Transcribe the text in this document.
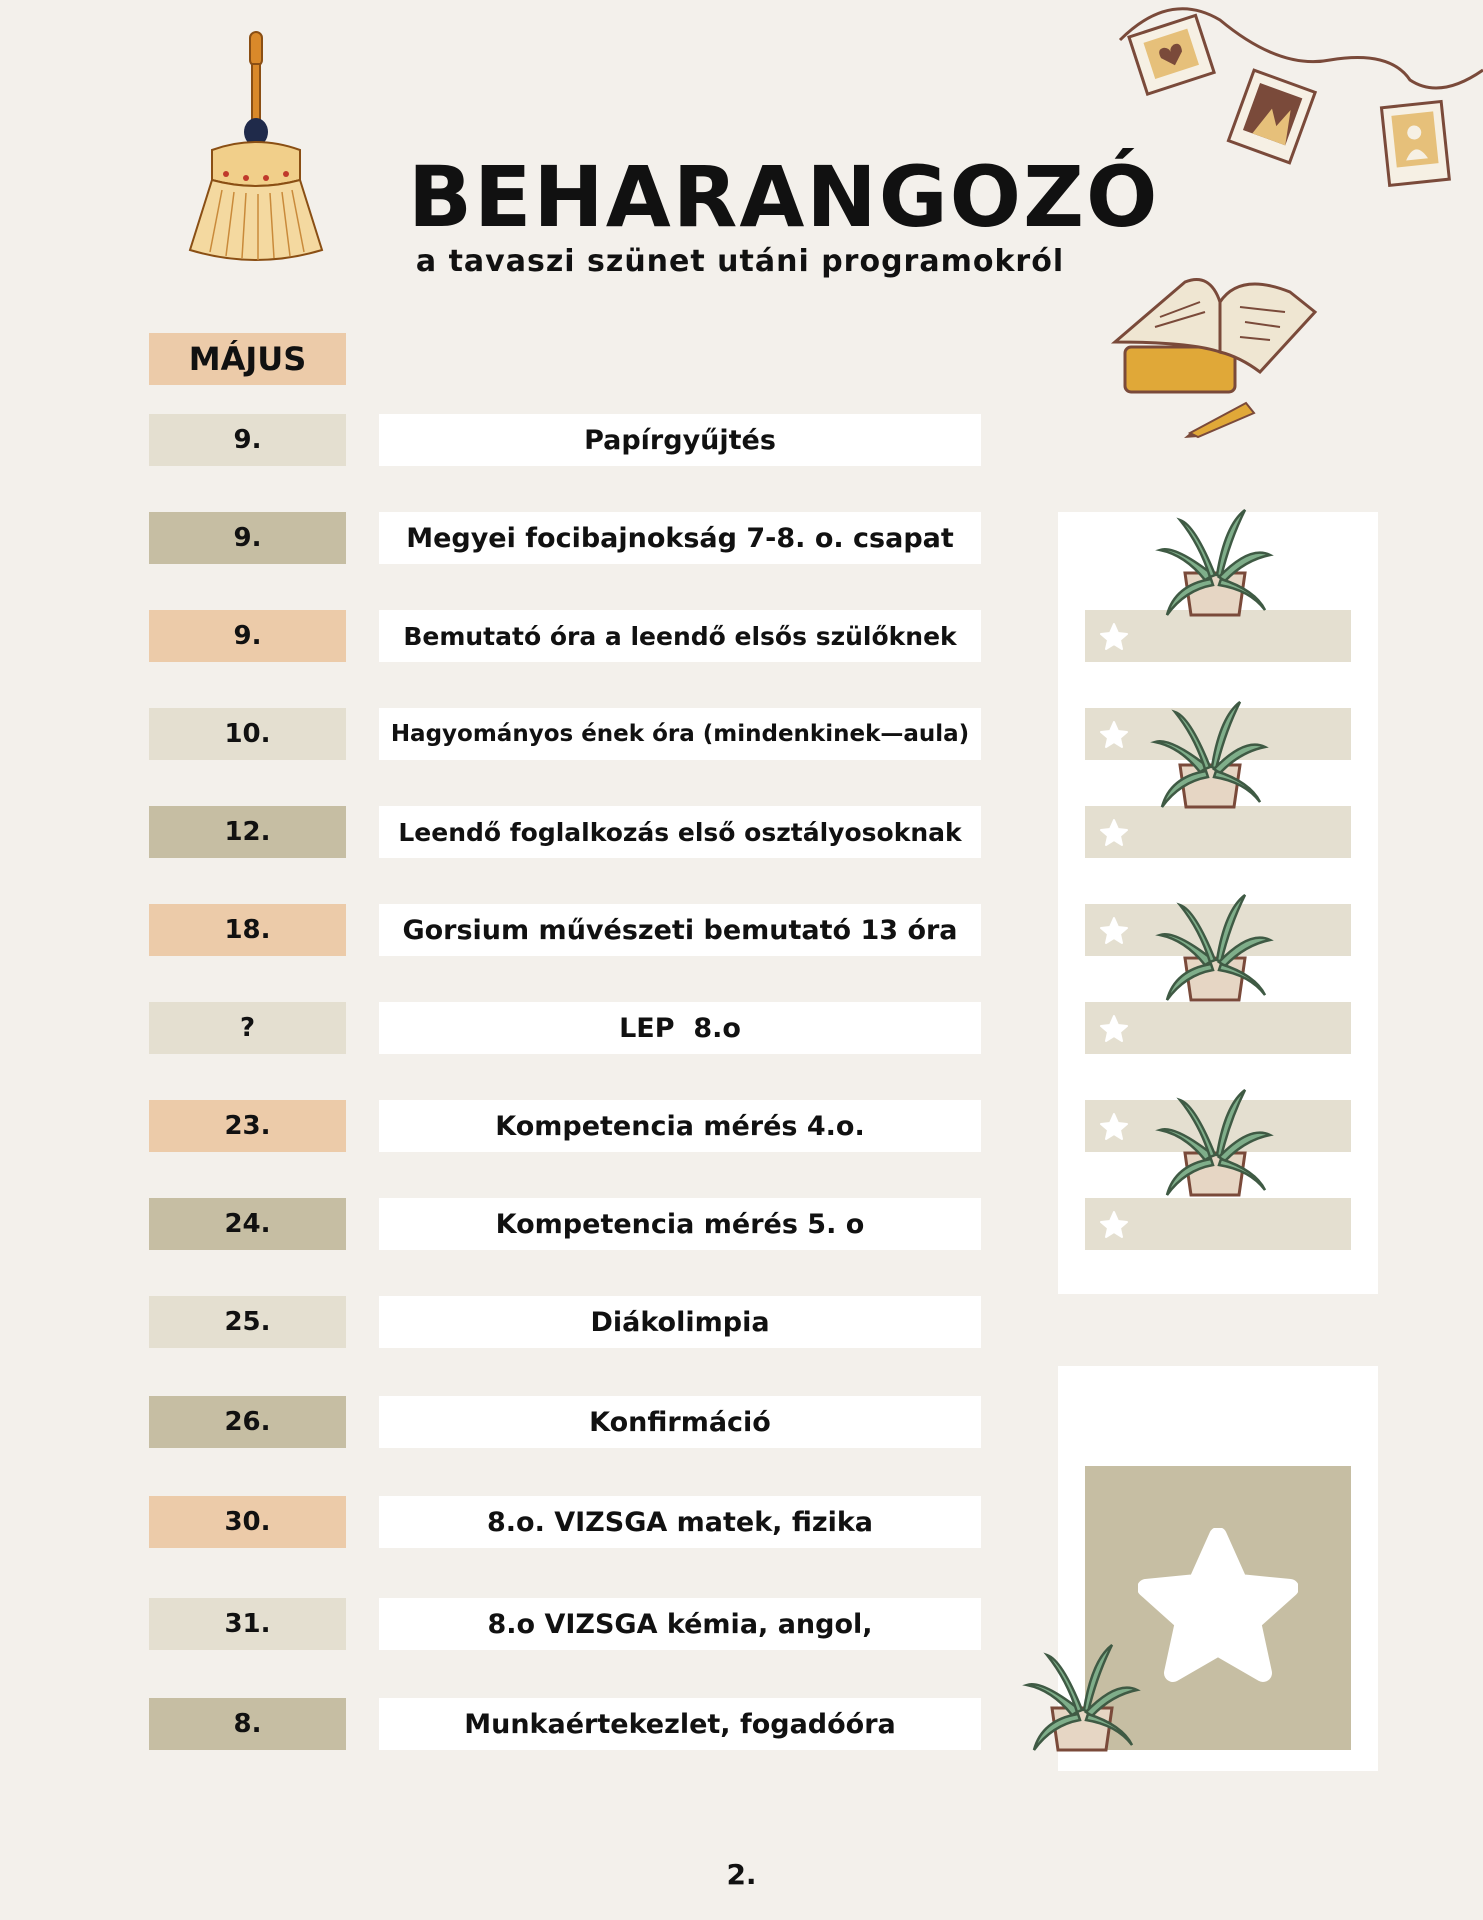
BEHARANGOZÓ
a tavaszi szünet utáni programokról
MÁJUS
9.	Papírgyűjtés
9.	Megyei focibajnokság 7-8. o. csapat
9.	Bemutató óra a leendő elsős szülőknek
10.	Hagyományos ének óra (mindenkinek—aula)
12.	Leendő foglalkozás első osztályosoknak
18.	Gorsium művészeti bemutató 13 óra
?	LEP  8.o
23.	Kompetencia mérés 4.o.
24.	Kompetencia mérés 5. o
25.	Diákolimpia
26.	Konfirmáció
30.	8.o. VIZSGA matek, fizika
31.	8.o VIZSGA kémia, angol,
8.	Munkaértekezlet, fogadóóra
2.
